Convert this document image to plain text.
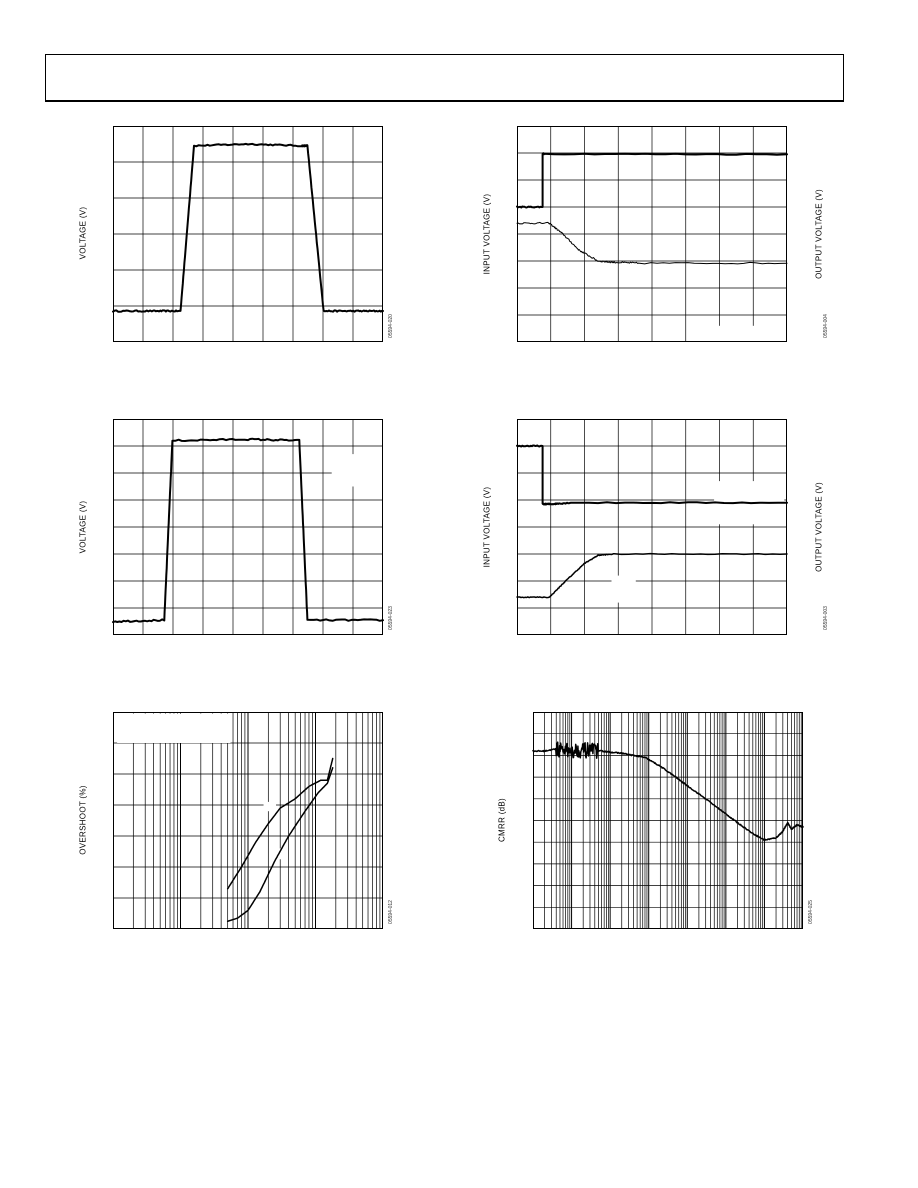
VOLTAGE (V)
05594-020
INPUT VOLTAGE (V)	OUTPUT VOLTAGE (V)
05594-004
VOLTAGE (V)
05594-023
INPUT VOLTAGE (V)	OUTPUT VOLTAGE (V)
05594-003
OVERSHOOT (%)
05594-012
CMRR (dB)
05594-025
